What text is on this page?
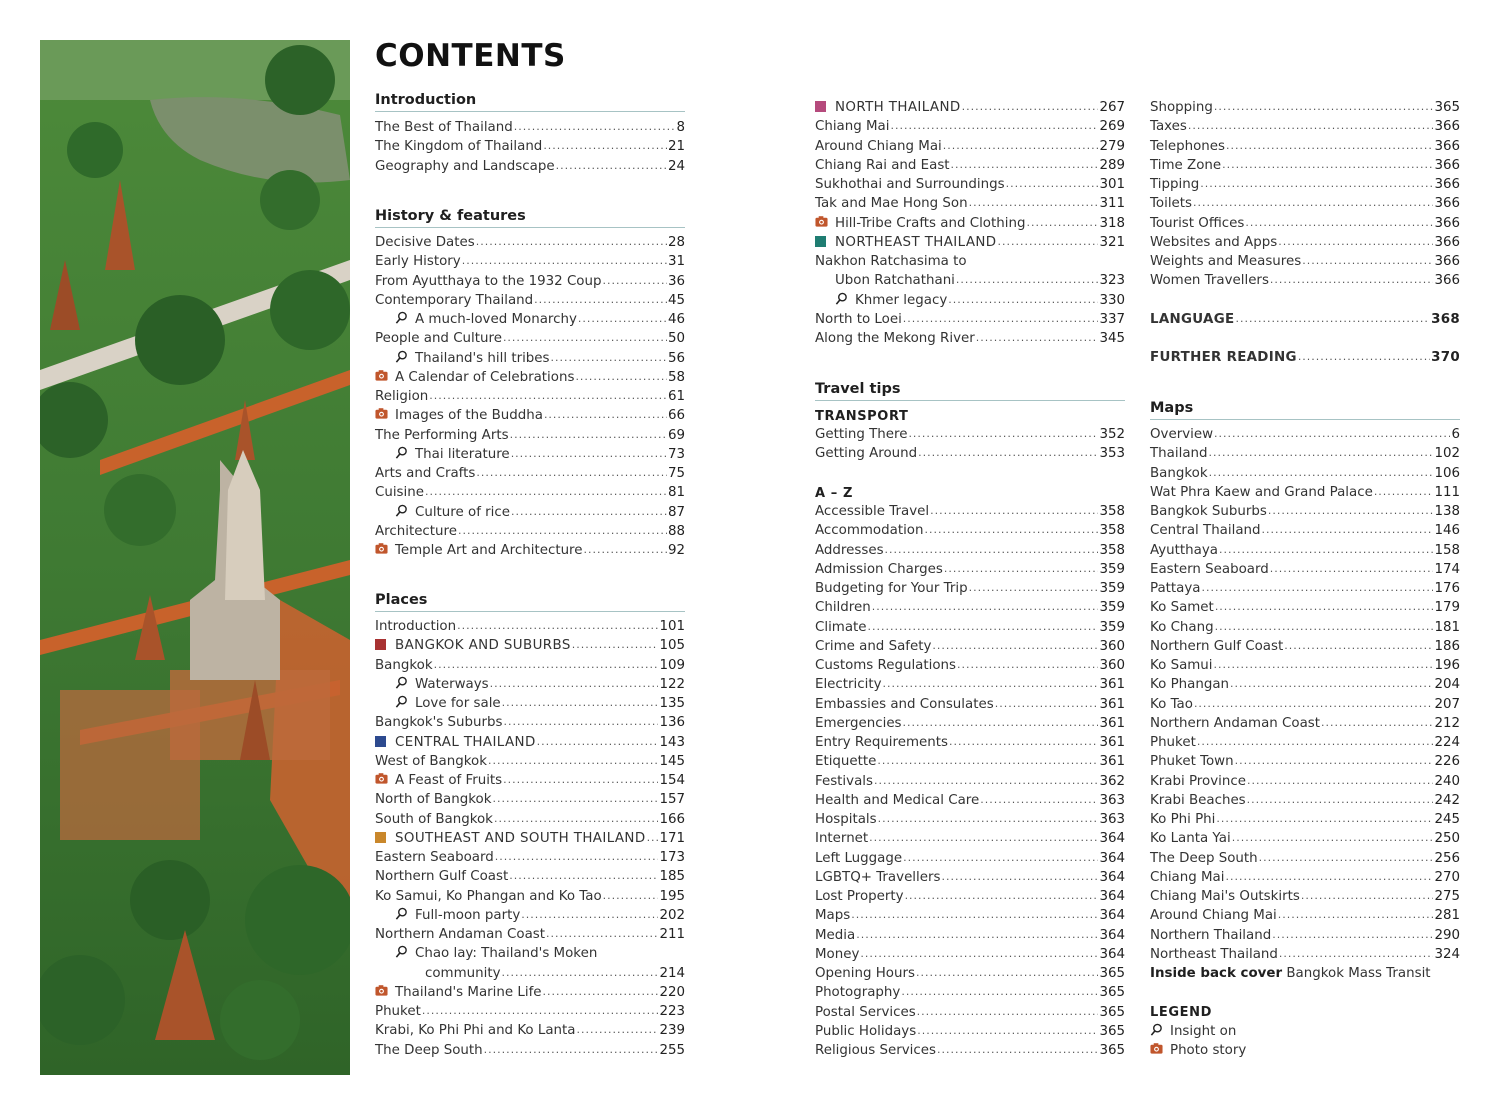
CONTENTS
Introduction
The Best of Thailand .....	8
The Kingdom of Thailand .....	21
Geography and Landscape .....	24
History & features
Decisive Dates .....	28
Early History .....	31
From Ayutthaya to the 1932 Coup .....	36
Contemporary Thailand .....	45
A much-loved Monarchy .....	46
People and Culture .....	50
Thailand's hill tribes .....	56
A Calendar of Celebrations .....	58
Religion .....	61
Images of the Buddha .....	66
The Performing Arts .....	69
Thai literature .....	73
Arts and Crafts .....	75
Cuisine .....	81
Culture of rice .....	87
Architecture .....	88
Temple Art and Architecture .....	92
Places
Introduction .....	101
BANGKOK AND SUBURBS .....	105
Bangkok .....	109
Waterways .....	122
Love for sale .....	135
Bangkok's Suburbs .....	136
CENTRAL THAILAND .....	143
West of Bangkok .....	145
A Feast of Fruits .....	154
North of Bangkok .....	157
South of Bangkok .....	166
SOUTHEAST AND SOUTH THAILAND ..... 171
Eastern Seaboard .....	173
Northern Gulf Coast .....	185
Ko Samui, Ko Phangan and Ko Tao .....	195
Full-moon party .....	202
Northern Andaman Coast .....	211
Chao lay: Thailand's Moken
community .....	214
Thailand's Marine Life .....	220
Phuket .....	223
Krabi, Ko Phi Phi and Ko Lanta .....	239
The Deep South .....	255
NORTH THAILAND .....	267
Chiang Mai .....	269
Around Chiang Mai .....	279
Chiang Rai and East .....	289
Sukhothai and Surroundings .....	301
Tak and Mae Hong Son .....	311
Hill-Tribe Crafts and Clothing .....	318
NORTHEAST THAILAND .....	321
Nakhon Ratchasima to
Ubon Ratchathani .....	323
Khmer legacy .....	330
North to Loei .....	337
Along the Mekong River .....	345
Travel tips
TRANSPORT
Getting There .....	352
Getting Around .....	353
A – Z
Accessible Travel .....	358
Accommodation .....	358
Addresses .....	358
Admission Charges .....	359
Budgeting for Your Trip .....	359
Children .....	359
Climate .....	359
Crime and Safety .....	360
Customs Regulations .....	360
Electricity .....	361
Embassies and Consulates .....	361
Emergencies .....	361
Entry Requirements .....	361
Etiquette .....	361
Festivals .....	362
Health and Medical Care .....	363
Hospitals .....	363
Internet .....	364
Left Luggage .....	364
LGBTQ+ Travellers .....	364
Lost Property .....	364
Maps .....	364
Media .....	364
Money .....	364
Opening Hours .....	365
Photography .....	365
Postal Services .....	365
Public Holidays .....	365
Religious Services .....	365
Shopping .....	365
Taxes .....	366
Telephones .....	366
Time Zone .....	366
Tipping .....	366
Toilets .....	366
Tourist Offices .....	366
Websites and Apps .....	366
Weights and Measures .....	366
Women Travellers .....	366
LANGUAGE .....	368
FURTHER READING .....	370
Maps
Overview .....	6
Thailand .....	102
Bangkok .....	106
Wat Phra Kaew and Grand Palace .....	111
Bangkok Suburbs .....	138
Central Thailand .....	146
Ayutthaya .....	158
Eastern Seaboard .....	174
Pattaya .....	176
Ko Samet .....	179
Ko Chang .....	181
Northern Gulf Coast .....	186
Ko Samui .....	196
Ko Phangan .....	204
Ko Tao .....	207
Northern Andaman Coast .....	212
Phuket .....	224
Phuket Town .....	226
Krabi Province .....	240
Krabi Beaches .....	242
Ko Phi Phi .....	245
Ko Lanta Yai .....	250
The Deep South .....	256
Chiang Mai .....	270
Chiang Mai's Outskirts .....	275
Around Chiang Mai .....	281
Northern Thailand .....	290
Northeast Thailand .....	324
Inside back cover Bangkok Mass Transit
LEGEND
Insight on
Photo story
